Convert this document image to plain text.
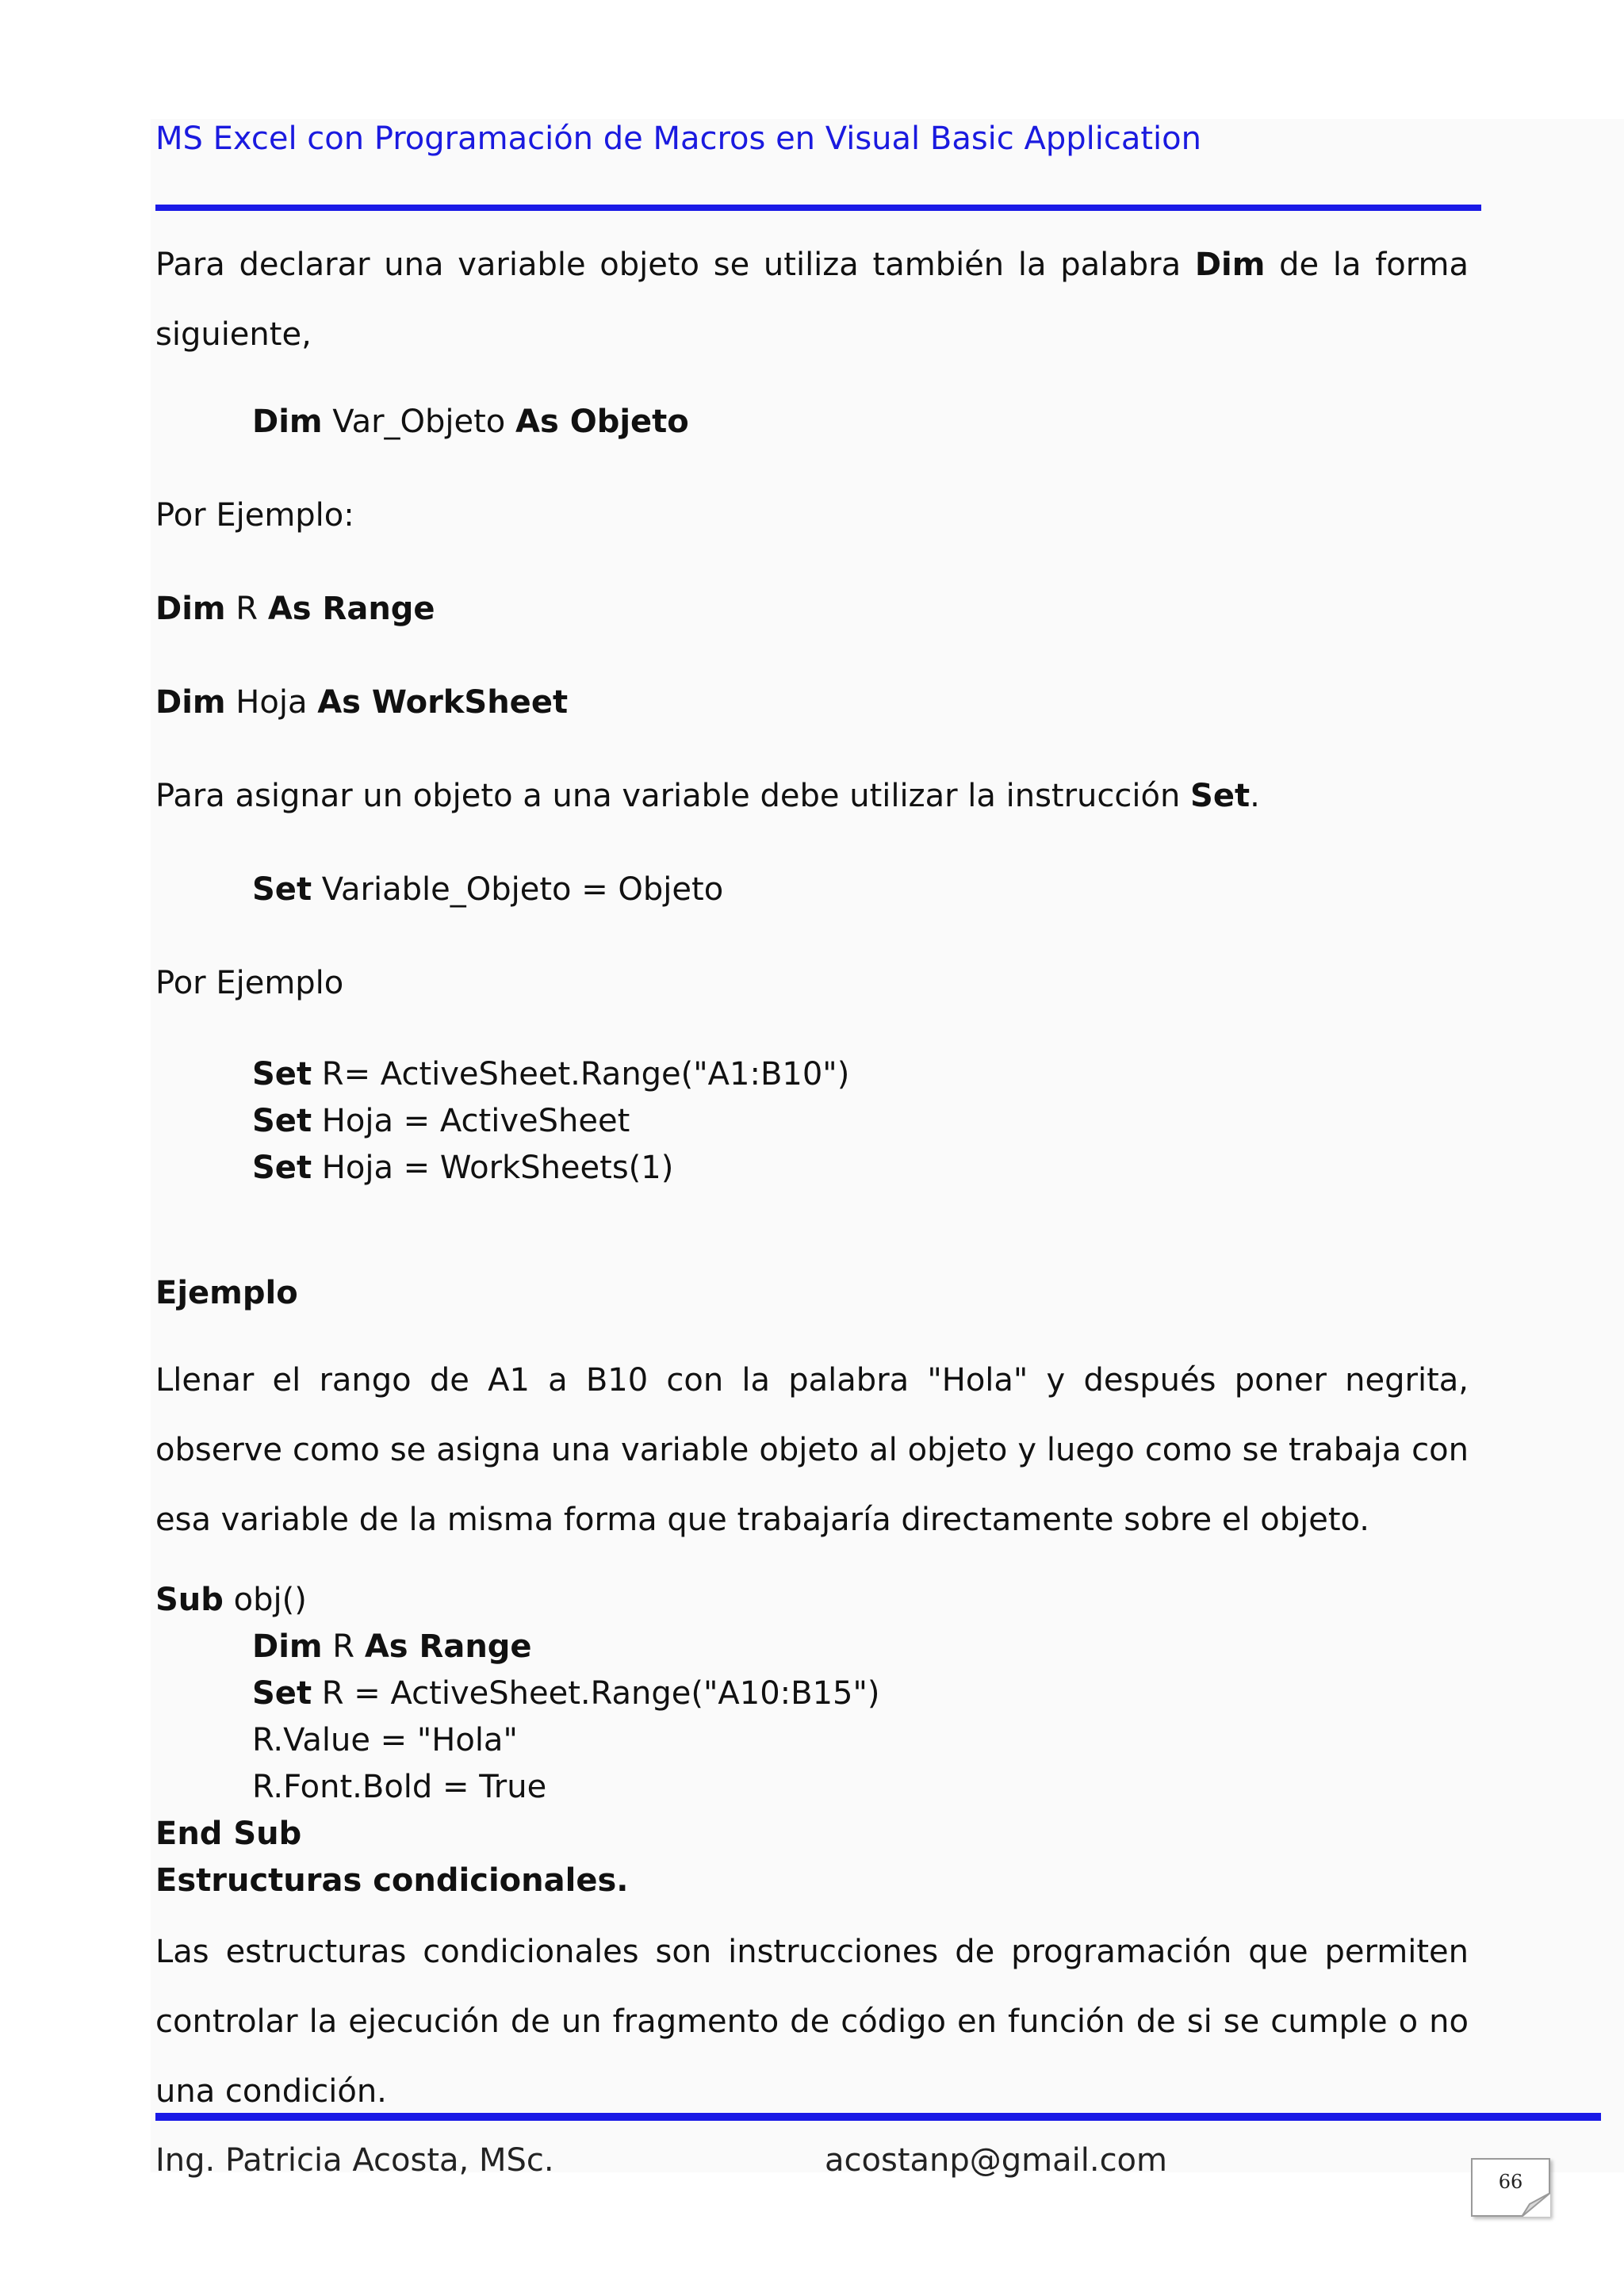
MS Excel con Programación de Macros en Visual Basic Application

Para declarar una variable objeto se utiliza también la palabra Dim de la forma siguiente,

Dim Var_Objeto As Objeto
Por Ejemplo:
Dim R As Range
Dim Hoja As WorkSheet
Para asignar un objeto a una variable debe utilizar la instrucción Set.
Set Variable_Objeto = Objeto
Por Ejemplo
Set R= ActiveSheet.Range("A1:B10")
Set Hoja = ActiveSheet
Set Hoja = WorkSheets(1)
Ejemplo

Llenar el rango de A1 a B10 con la palabra "Hola" y después poner negrita, observe como se asigna una variable objeto al objeto y luego como se trabaja con esa variable de la misma forma que trabajaría directamente sobre el objeto.

Sub obj()
Dim R As Range
Set R = ActiveSheet.Range("A10:B15")
R.Value = "Hola"
R.Font.Bold = True
End Sub
Estructuras condicionales.

Las estructuras condicionales son instrucciones de programación que permiten controlar la ejecución de un fragmento de código en función de si se cumple o no una condición.

Ing. Patricia Acosta, MSc.	acostanp@gmail.com
66
